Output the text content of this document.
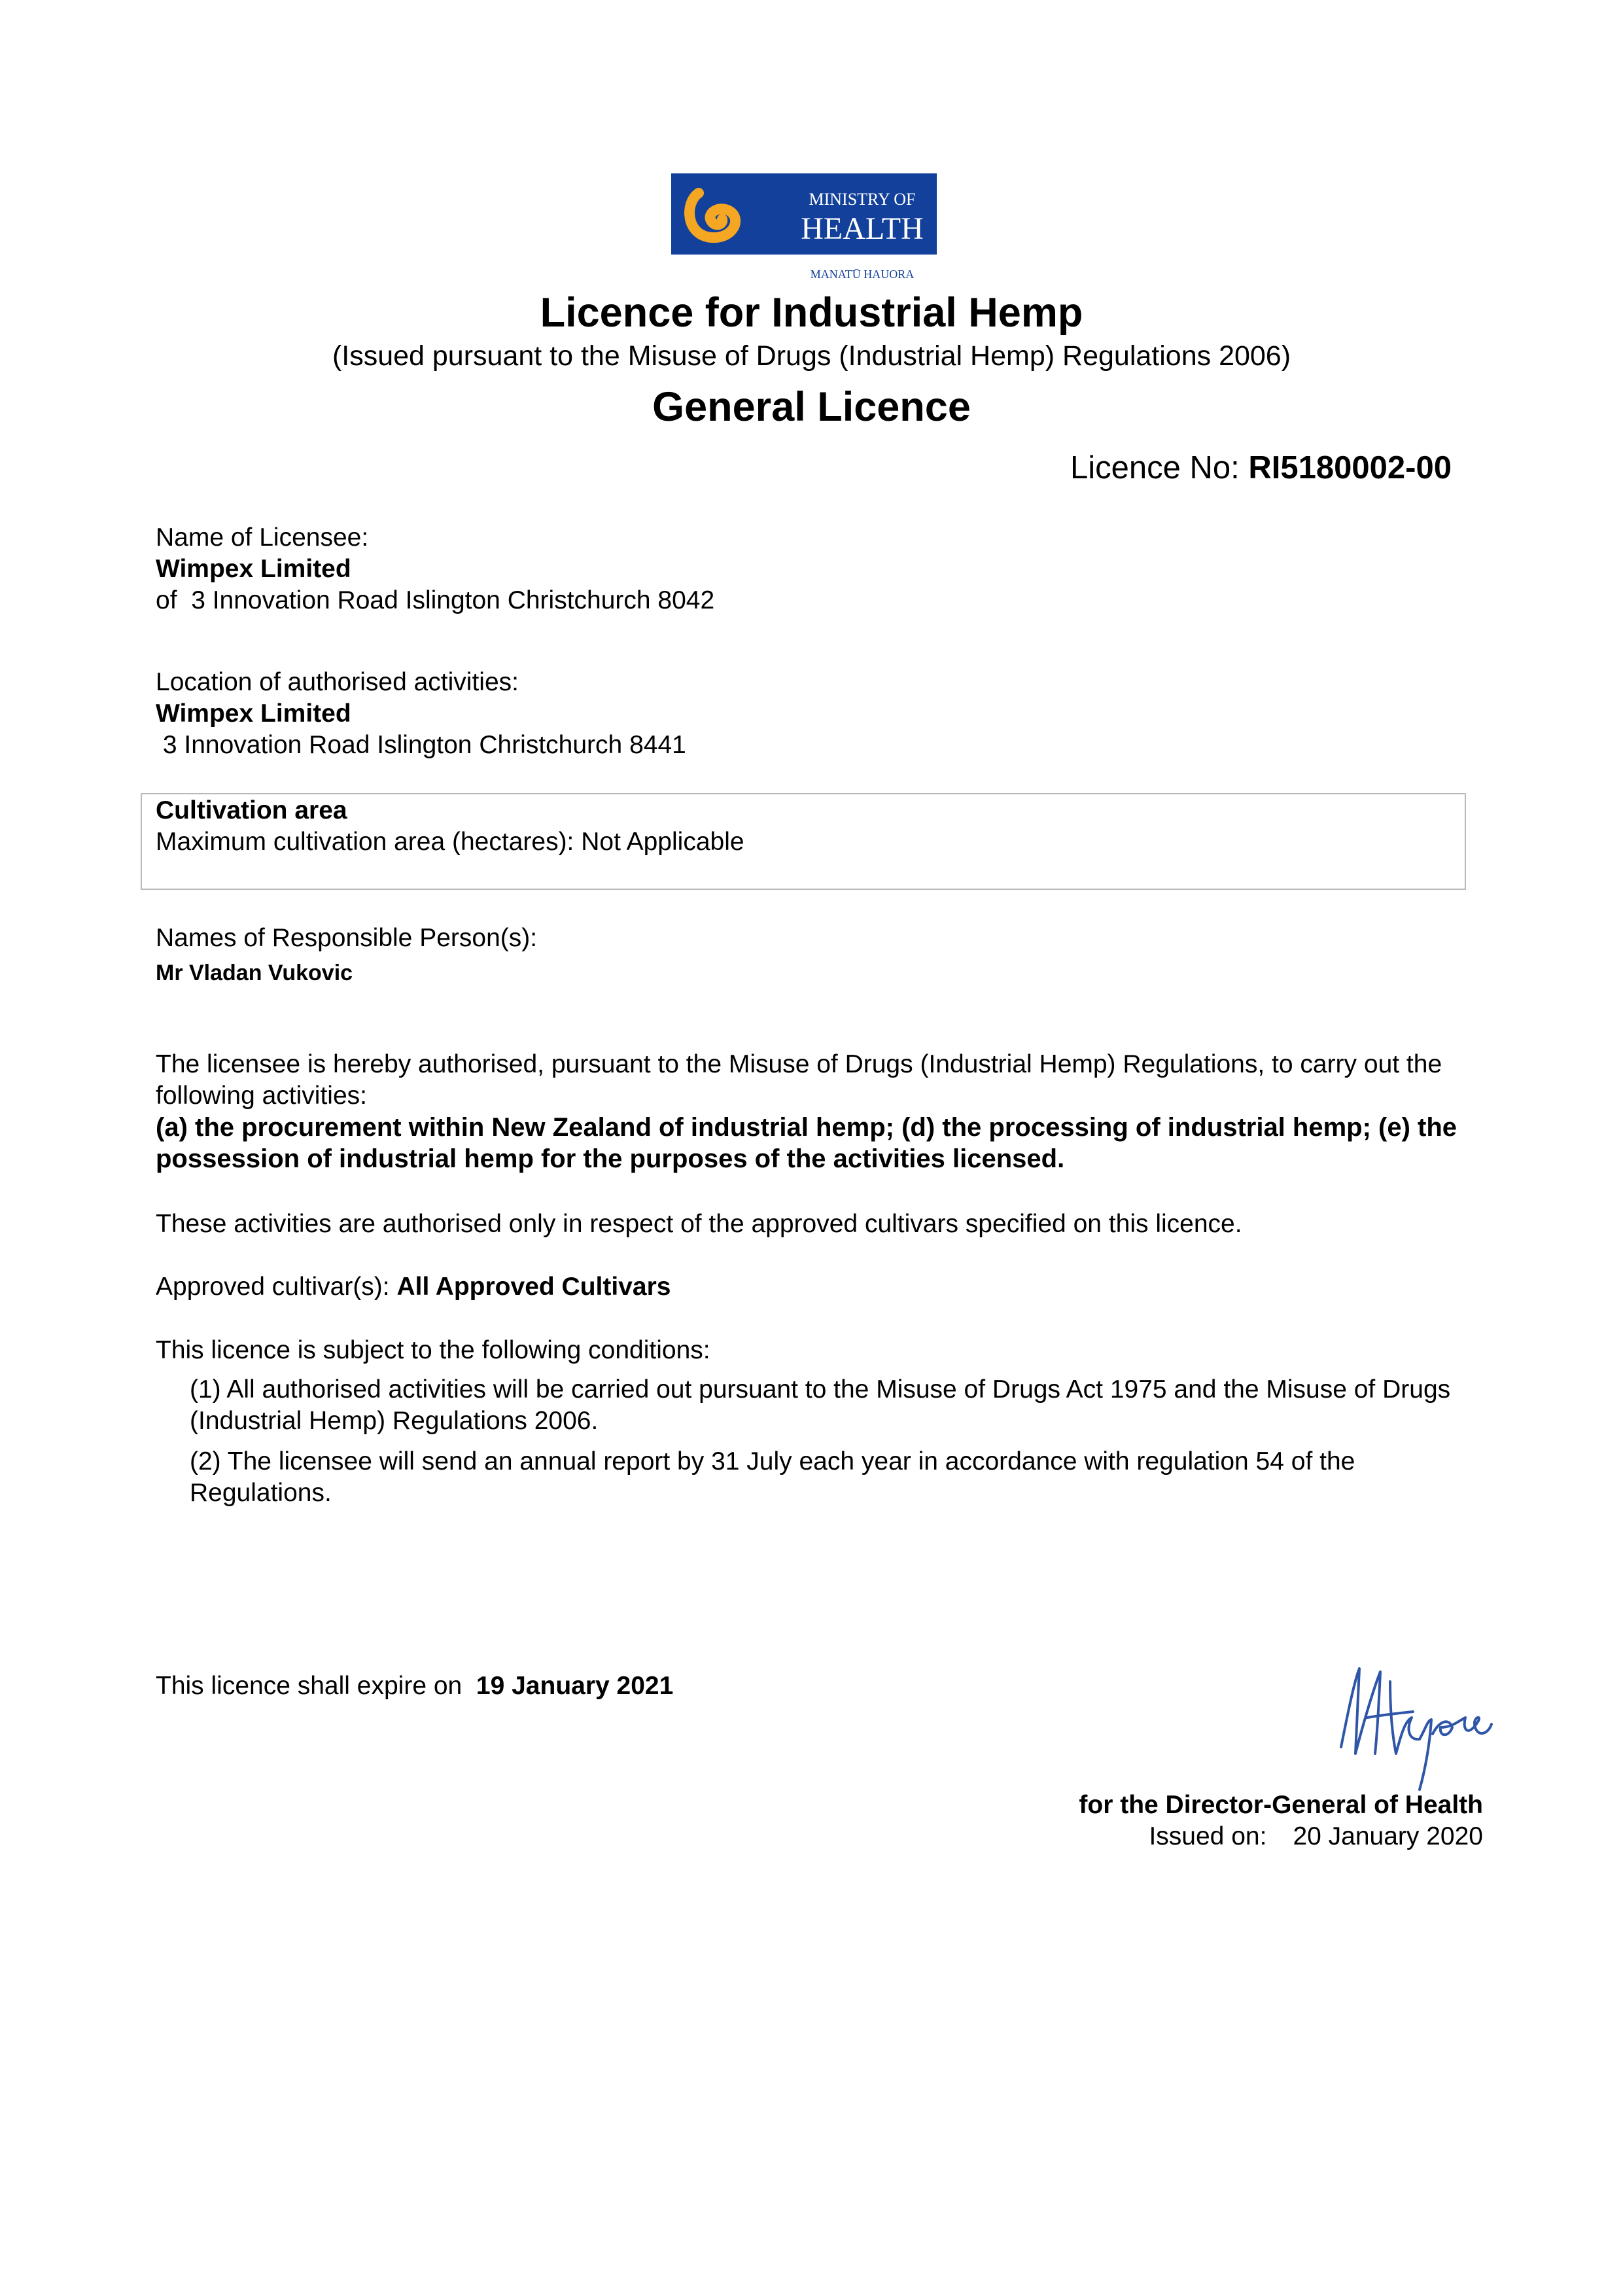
MINISTRY OF
HEALTH
MANATŪ HAUORA
Licence for Industrial Hemp
(Issued pursuant to the Misuse of Drugs (Industrial Hemp) Regulations 2006)
General Licence
Licence No: RI5180002-00
Name of Licensee:
Wimpex Limited
of  3 Innovation Road Islington Christchurch 8042
Location of authorised activities:
Wimpex Limited
3 Innovation Road Islington Christchurch 8441
Cultivation area
Maximum cultivation area (hectares): Not Applicable
Names of Responsible Person(s):
Mr Vladan Vukovic
The licensee is hereby authorised, pursuant to the Misuse of Drugs (Industrial Hemp) Regulations, to carry out the following activities:
(a) the procurement within New Zealand of industrial hemp; (d) the processing of industrial hemp; (e) the possession of industrial hemp for the purposes of the activities licensed.
These activities are authorised only in respect of the approved cultivars specified on this licence.
Approved cultivar(s): All Approved Cultivars
This licence is subject to the following conditions:
(1) All authorised activities will be carried out pursuant to the Misuse of Drugs Act 1975 and the Misuse of Drugs (Industrial Hemp) Regulations 2006.
(2) The licensee will send an annual report by 31 July each year in accordance with regulation 54 of the Regulations.
This licence shall expire on  19 January 2021
for the Director-General of Health
Issued on: 20 January 2020
